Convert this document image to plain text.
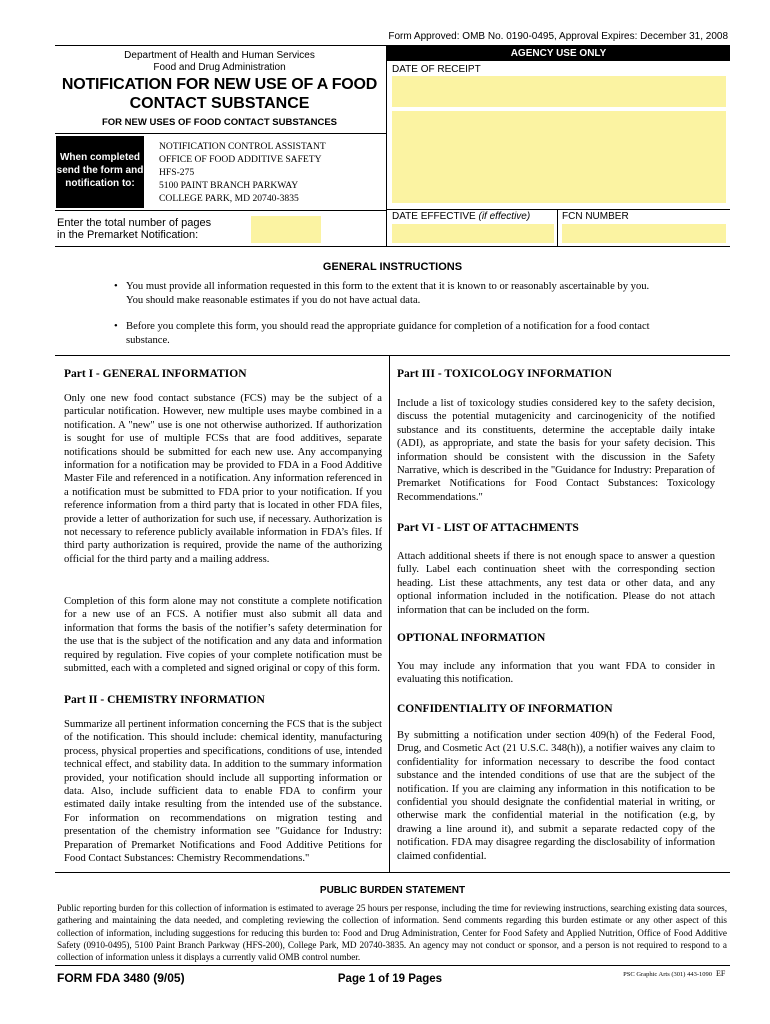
Form Approved: OMB No. 0190-0495, Approval Expires: December 31, 2008
Department of Health and Human Services
Food and Drug Administration
NOTIFICATION FOR NEW USE OF A FOOD
CONTACT SUBSTANCE
FOR NEW USES OF FOOD CONTACT SUBSTANCES
When completed
send the form and
notification to:
NOTIFICATION CONTROL ASSISTANT
OFFICE OF FOOD ADDITIVE SAFETY
HFS-275
5100 PAINT BRANCH PARKWAY
COLLEGE PARK, MD 20740-3835
Enter the total number of pages
in the Premarket Notification:
AGENCY USE ONLY
DATE OF RECEIPT
DATE EFFECTIVE (if effective)	FCN NUMBER
GENERAL INSTRUCTIONS
• You must provide all information requested in this form to the extent that it is known to or reasonably ascertainable by you.
You should make reasonable estimates if you do not have actual data.
• Before you complete this form, you should read the appropriate guidance for completion of a notification for a food contact
substance.
Part I - GENERAL INFORMATION

Only one new food contact substance (FCS) may be the subject of a particular notification. However, new multiple uses maybe combined in a notification. A "new" use is one not otherwise authorized. If authorization is sought for use of multiple FCSs that are food additives, separate notifications should be submitted for each new use. Any accompanying information for a notification may be provided to FDA in a Food Additive Master File and referenced in a notification. Any information referenced in a notification must be submitted to FDA prior to your notification. If you reference information from a third party that is located in other FDA files, provide a letter of authorization for such use, if necessary. Authorization is not necessary to reference publicly available information in FDA’s files. If third party authorization is required, provide the name of the authorizing official for the third party and a mailing address.

Completion of this form alone may not constitute a complete notification for a new use of an FCS. A notifier must also submit all data and information that forms the basis of the notifier’s safety determination for the use that is the subject of the notification and any data and information required by regulation. Five copies of your complete notification must be submitted, each with a completed and signed original or copy of this form.

Part II - CHEMISTRY INFORMATION

Summarize all pertinent information concerning the FCS that is the subject of the notification. This should include: chemical identity, manufacturing process, physical properties and specifications, conditions of use, intended technical effect, and stability data. In addition to the summary information provided, your notification should include all supporting information or data. Also, include sufficient data to enable FDA to confirm your estimated daily intake resulting from the intended use of the substance. For information on recommendations on migration testing and presentation of the chemistry information see "Guidance for Industry: Preparation of Premarket Notifications and Food Additive Petitions for Food Contact Substances: Chemistry Recommendations."

Part III - TOXICOLOGY INFORMATION

Include a list of toxicology studies considered key to the safety decision, discuss the potential mutagenicity and carcinogenicity of the notified substance and its constituents, determine the acceptable daily intake (ADI), as appropriate, and state the basis for your safety decision. This information should be consistent with the discussion in the Safety Narrative, which is described in the "Guidance for Industry: Preparation of Premarket Notifications for Food Contact Substances: Toxicology Recommendations."

Part VI - LIST OF ATTACHMENTS

Attach additional sheets if there is not enough space to answer a question fully. Label each continuation sheet with the corresponding section heading. List these attachments, any test data or other data, and any optional information included in the notification. Please do not attach information that can be included on the form.

OPTIONAL INFORMATION

You may include any information that you want FDA to consider in evaluating this notification.

CONFIDENTIALITY OF INFORMATION

By submitting a notification under section 409(h) of the Federal Food, Drug, and Cosmetic Act (21 U.S.C. 348(h)), a notifier waives any claim to confidentiality for information necessary to describe the food contact substance and the intended conditions of use that are the subject of the notification. If you are claiming any information in this notification to be confidential you should designate the confidential material in writing, or otherwise mark the confidential material in the notification (e.g, by drawing a line around it), and submit a separate redacted copy of the notification. FDA may disagree regarding the disclosability of information claimed confidential.

PUBLIC BURDEN STATEMENT

Public reporting burden for this collection of information is estimated to average 25 hours per response, including the time for reviewing instructions, searching existing data sources, gathering and maintaining the data needed, and completing reviewing the collection of information. Send comments regarding this burden estimate or any other aspect of this collection of information, including suggestions for reducing this burden to: Food and Drug Administration, Center for Food Safety and Applied Nutrition, Office of Food Additive Safety (0910-0495), 5100 Paint Branch Parkway (HFS-200), College Park, MD 20740-3835. An agency may not conduct or sponsor, and a person is not required to respond to a collection of information unless it displays a currently valid OMB control number.

FORM FDA 3480 (9/05)	Page 1 of 19 Pages	PSC Graphic Arts (301) 443-1090 EF
